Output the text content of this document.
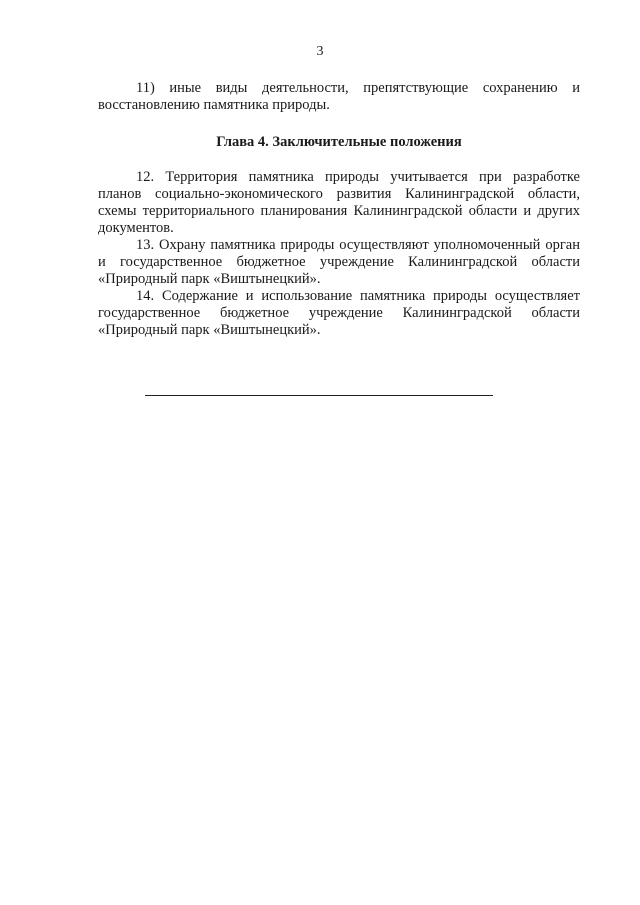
3

11) иные виды деятельности, препятствующие сохранению и восстановлению памятника природы.

Глава 4. Заключительные положения

12. Территория памятника природы учитывается при разработке планов социально-экономического развития Калининградской области, схемы территориального планирования Калининградской области и других документов.

13. Охрану памятника природы осуществляют уполномоченный орган и государственное бюджетное учреждение Калининградской области «Природный парк «Виштынецкий».

14. Содержание и использование памятника природы осуществляет государственное бюджетное учреждение Калининградской области «Природный парк «Виштынецкий».
